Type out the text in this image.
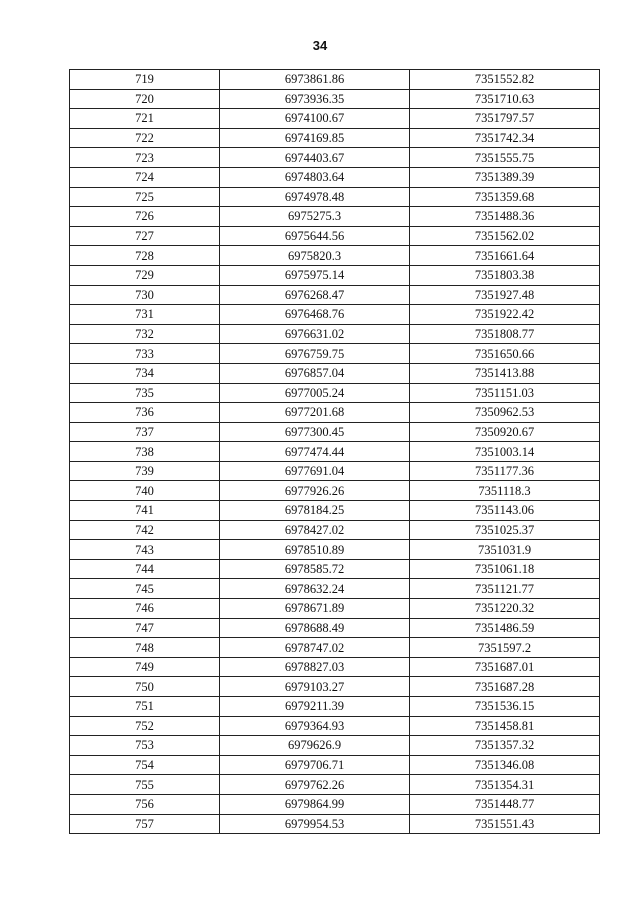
34
719	6973861.86	7351552.82
720	6973936.35	7351710.63
721	6974100.67	7351797.57
722	6974169.85	7351742.34
723	6974403.67	7351555.75
724	6974803.64	7351389.39
725	6974978.48	7351359.68
726	6975275.3	7351488.36
727	6975644.56	7351562.02
728	6975820.3	7351661.64
729	6975975.14	7351803.38
730	6976268.47	7351927.48
731	6976468.76	7351922.42
732	6976631.02	7351808.77
733	6976759.75	7351650.66
734	6976857.04	7351413.88
735	6977005.24	7351151.03
736	6977201.68	7350962.53
737	6977300.45	7350920.67
738	6977474.44	7351003.14
739	6977691.04	7351177.36
740	6977926.26	7351118.3
741	6978184.25	7351143.06
742	6978427.02	7351025.37
743	6978510.89	7351031.9
744	6978585.72	7351061.18
745	6978632.24	7351121.77
746	6978671.89	7351220.32
747	6978688.49	7351486.59
748	6978747.02	7351597.2
749	6978827.03	7351687.01
750	6979103.27	7351687.28
751	6979211.39	7351536.15
752	6979364.93	7351458.81
753	6979626.9	7351357.32
754	6979706.71	7351346.08
755	6979762.26	7351354.31
756	6979864.99	7351448.77
757	6979954.53	7351551.43
